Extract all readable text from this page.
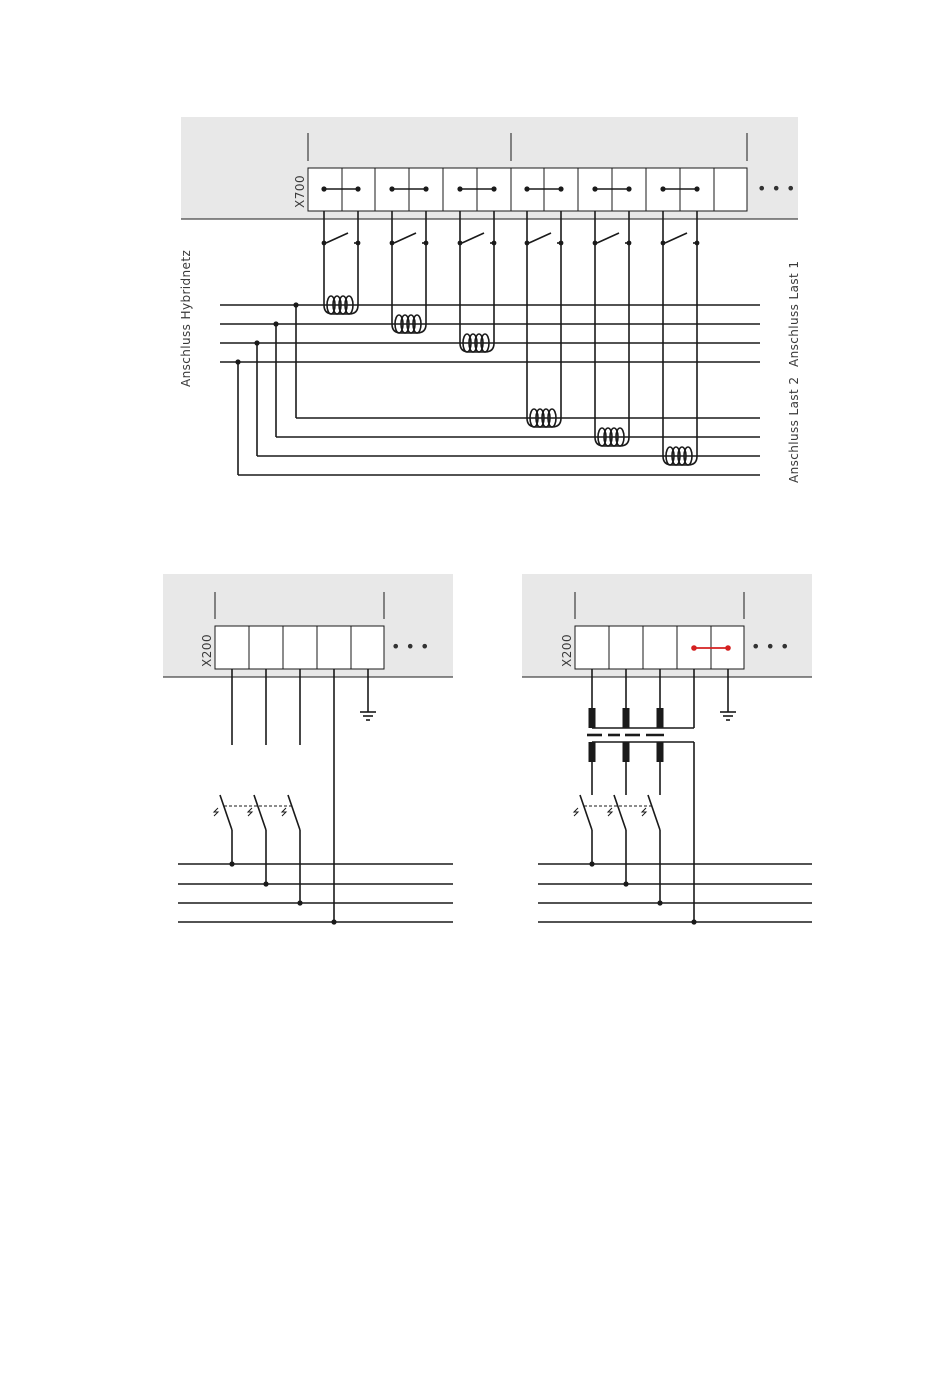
X700	• • •
Anschluss Hybridnetz	Anschluss Last 1
Anschluss Last 2
X200	• • •	X200	• • •
